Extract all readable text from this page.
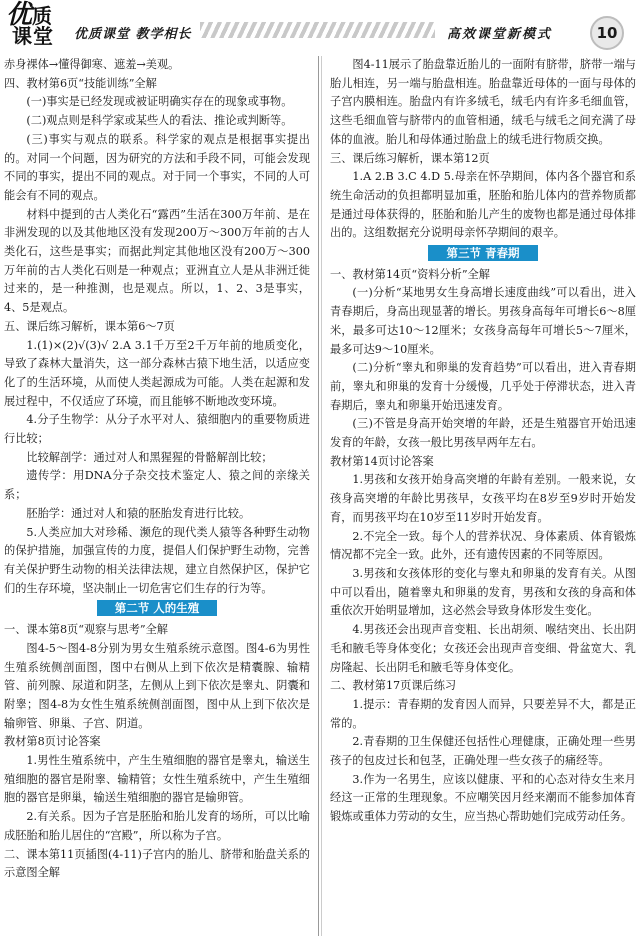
优 质
课堂 优质课堂 教学相长	高效课堂新模式	10

赤身裸体→懂得御寒、遮羞→美观。

四、教材第6页“技能训练”全解

(一)事实是已经发现或被证明确实存在的现象或事物。

(二)观点则是科学家或某些人的看法、推论或判断等。

(三)事实与观点的联系。科学家的观点是根据事实提出的。对同一个问题，因为研究的方法和手段不同，可能会发现不同的事实，提出不同的观点。对于同一个事实，不同的人可能会有不同的观点。

材料中提到的古人类化石“露西”生活在300万年前、是在非洲发现的以及其他地区没有发现200万～300万年前的古人类化石，这些是事实；而据此判定其他地区没有200万～300万年前的古人类化石则是一种观点；亚洲直立人是从非洲迁徙过来的，是一种推测，也是观点。所以，1、2、3是事实，4、5是观点。

五、课后练习解析，课本第6～7页

1.(1)×(2)√(3)√ 2.A 3.1千万至2千万年前的地质变化，导致了森林大量消失，这一部分森林古猿下地生活，以适应变化了的生活环境，从而使人类起源成为可能。人类在起源和发展过程中，不仅适应了环境，而且能够不断地改变环境。

4.分子生物学：从分子水平对人、猿细胞内的重要物质进行比较；

比较解剖学：通过对人和黑猩猩的骨骼解剖比较；

遗传学：用DNA分子杂交技术鉴定人、猿之间的亲缘关系；

胚胎学：通过对人和猿的胚胎发育进行比较。

5.人类应加大对珍稀、濒危的现代类人猿等各种野生动物的保护措施，加强宣传的力度，提倡人们保护野生动物，完善有关保护野生动物的相关法律法规，建立自然保护区，保护它们的生存环境，坚决制止一切危害它们生存的行为等。

第二节 人的生殖

一、课本第8页“观察与思考”全解

图4-5～图4-8分别为男女生殖系统示意图。图4-6为男性生殖系统侧剖面图，图中右侧从上到下依次是精囊腺、输精管、前列腺、尿道和阴茎，左侧从上到下依次是睾丸、阴囊和附睾；图4-8为女性生殖系统侧剖面图，图中从上到下依次是输卵管、卵巢、子宫、阴道。

教材第8页讨论答案

1.男性生殖系统中，产生生殖细胞的器官是睾丸，输送生殖细胞的器官是附睾、输精管；女性生殖系统中，产生生殖细胞的器官是卵巢，输送生殖细胞的器官是输卵管。

2.有关系。因为子宫是胚胎和胎儿发育的场所，可以比喻成胚胎和胎儿居住的“宫殿”，所以称为子宫。

二、课本第11页插图(4-11)子宫内的胎儿、脐带和胎盘关系的示意图全解

图4-11展示了胎盘靠近胎儿的一面附有脐带，脐带一端与胎儿相连，另一端与胎盘相连。胎盘靠近母体的一面与母体的子宫内膜相连。胎盘内有许多绒毛，绒毛内有许多毛细血管，这些毛细血管与脐带内的血管相通，绒毛与绒毛之间充满了母体的血液。胎儿和母体通过胎盘上的绒毛进行物质交换。

三、课后练习解析，课本第12页

1.A 2.B 3.C 4.D 5.母亲在怀孕期间，体内各个器官和系统生命活动的负担都明显加重，胚胎和胎儿体内的营养物质都是通过母体获得的，胚胎和胎儿产生的废物也都是通过母体排出的。这组数据充分说明母亲怀孕期间的艰辛。

第三节 青春期

一、教材第14页“资料分析”全解

(一)分析“某地男女生身高增长速度曲线”可以看出，进入青春期后，身高出现显著的增长。男孩身高每年可增长6～8厘米，最多可达10～12厘米；女孩身高每年可增长5～7厘米，最多可达9～10厘米。

(二)分析“睾丸和卵巢的发育趋势”可以看出，进入青春期前，睾丸和卵巢的发育十分缓慢，几乎处于停滞状态，进入青春期后，睾丸和卵巢开始迅速发育。

(三)不管是身高开始突增的年龄，还是生殖器官开始迅速发育的年龄，女孩一般比男孩早两年左右。

教材第14页讨论答案

1.男孩和女孩开始身高突增的年龄有差别。一般来说，女孩身高突增的年龄比男孩早，女孩平均在8岁至9岁时开始发育，而男孩平均在10岁至11岁时开始发育。

2.不完全一致。每个人的营养状况、身体素质、体育锻炼情况都不完全一致。此外，还有遗传因素的不同等原因。

3.男孩和女孩体形的变化与睾丸和卵巢的发育有关。从图中可以看出，随着睾丸和卵巢的发育，男孩和女孩的身高和体重依次开始明显增加，这必然会导致身体形发生变化。

4.男孩还会出现声音变粗、长出胡须、喉结突出、长出阴毛和腋毛等身体变化；女孩还会出现声音变细、骨盆宽大、乳房隆起、长出阴毛和腋毛等身体变化。

二、教材第17页课后练习

1.提示：青春期的发育因人而异，只要差异不大，都是正常的。

2.青春期的卫生保健还包括性心理健康，正确处理一些男孩子的包皮过长和包茎，正确处理一些女孩子的痛经等。

3.作为一名男生，应该以健康、平和的心态对待女生来月经这一正常的生理现象。不应嘲笑因月经来潮而不能参加体育锻炼或重体力劳动的女生，应当热心帮助她们完成劳动任务。
